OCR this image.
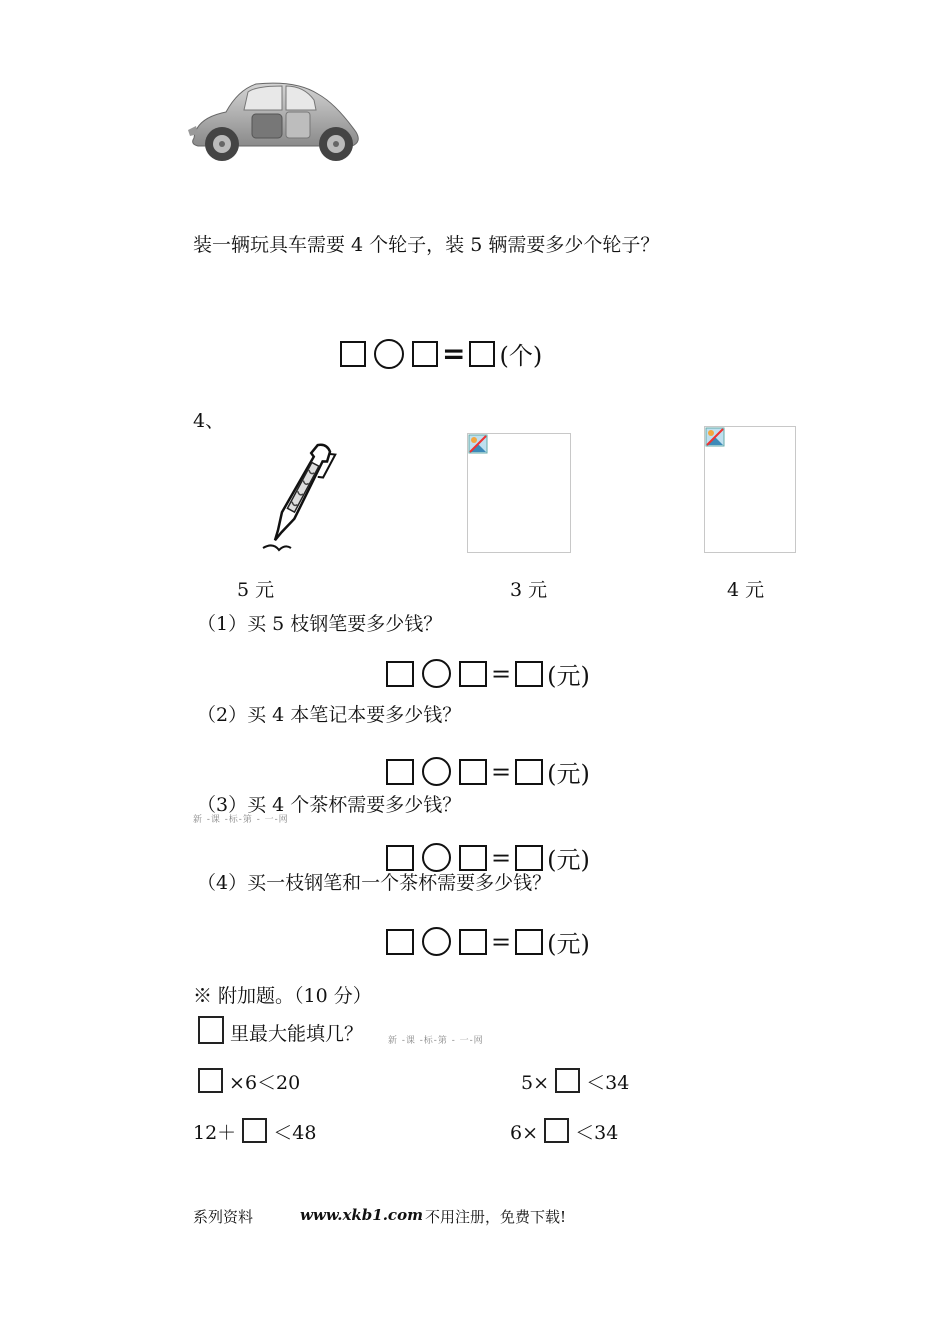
装一辆玩具车需要 4 个轮子，装 5 辆需要多少个轮子？
= (个)
4、
5 元	3 元	4 元
（1）买 5 枝钢笔要多少钱？
= (元)
（2）买 4 本笔记本要多少钱？
= (元)
（3）买 4 个茶杯需要多少钱？
新 -课 -标-第 - 一-网
= (元)
（4）买一枝钢笔和一个茶杯需要多少钱？
= (元)
※ 附加题。（10 分）
里最大能填几？	新 -课 -标-第 - 一-网
×6＜20	5× ＜34
12＋ ＜48	6× ＜34
系列资料	www.xkb1.com 不用注册，免费下载!
